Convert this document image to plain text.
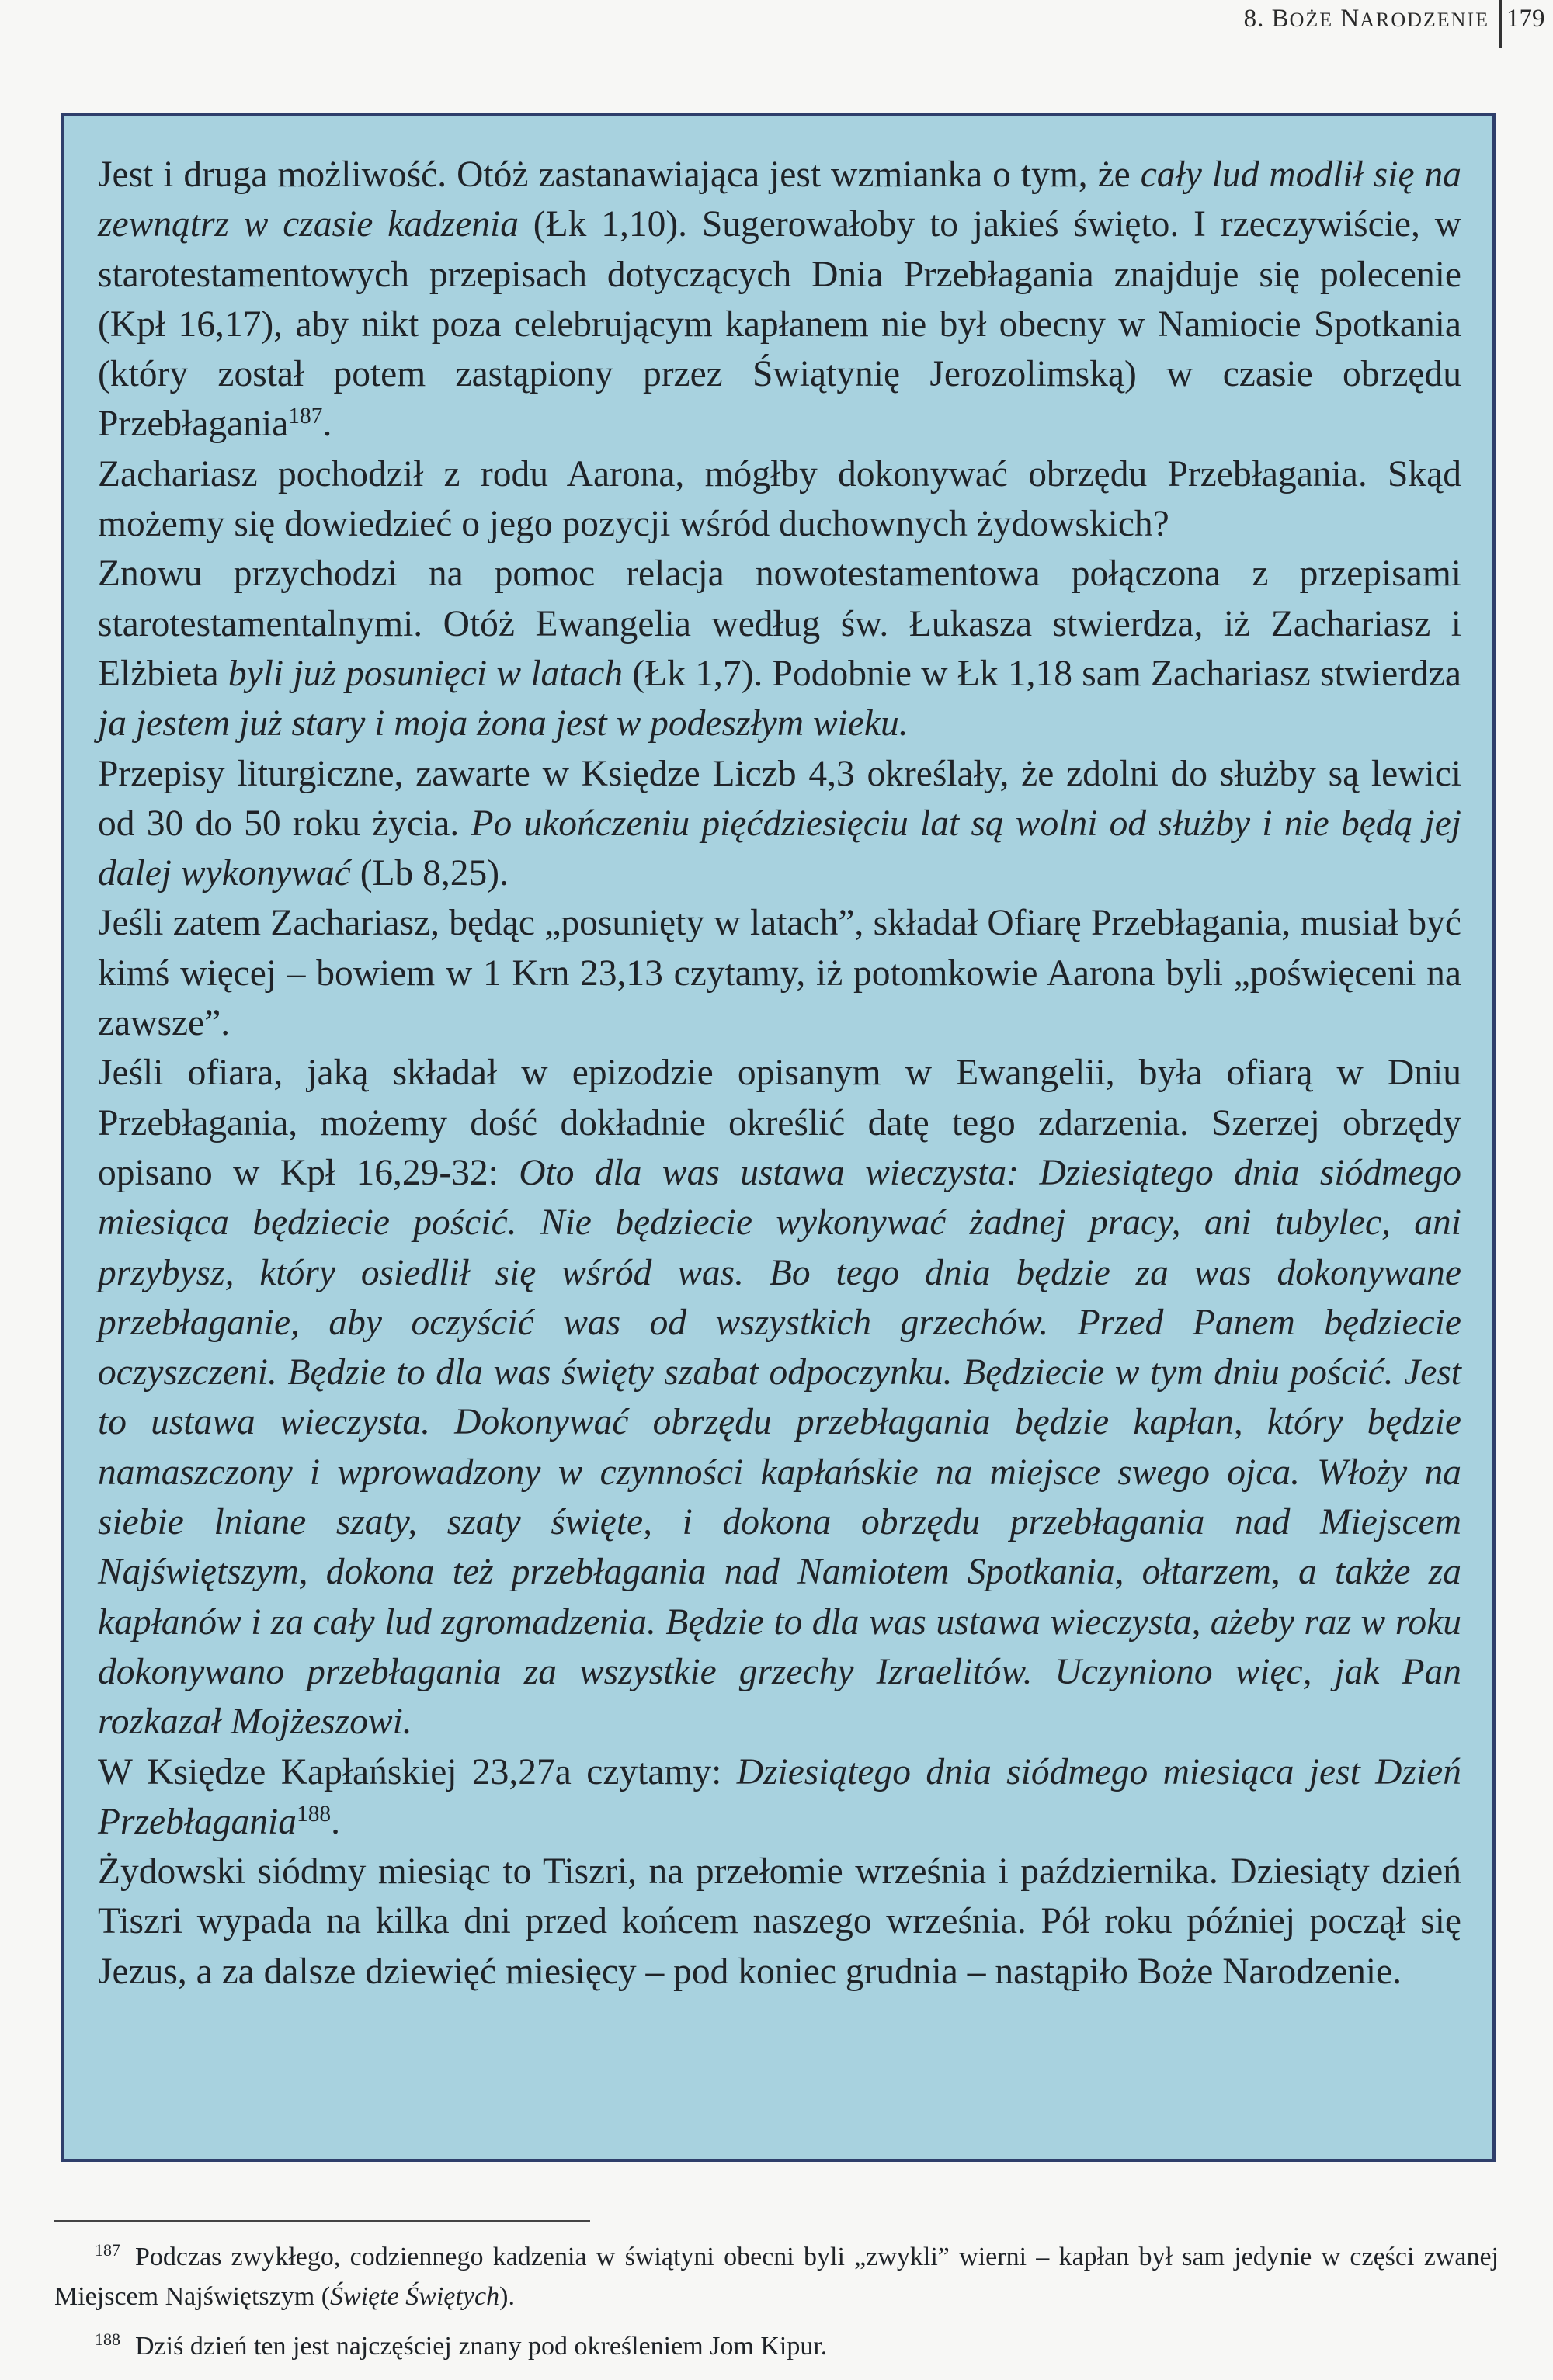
8. BOŻE NARODZENIE 179

Jest i druga możliwość. Otóż zastanawiająca jest wzmianka o tym, że cały lud modlił się na zewnątrz w czasie kadzenia (Łk 1,10). Sugerowałoby to jakieś święto. I rzeczywiście, w starotestamentowych przepisach dotyczących Dnia Przebłagania znajduje się polecenie (Kpł 16,17), aby nikt poza celebrującym kapłanem nie był obecny w Namiocie Spotkania (który został potem zastąpiony przez Świątynię Jerozolimską) w czasie obrzędu Przebłagania$^{187}$.

Zachariasz pochodził z rodu Aarona, mógłby dokonywać obrzędu Przebłagania. Skąd możemy się dowiedzieć o jego pozycji wśród duchownych żydowskich?

Znowu przychodzi na pomoc relacja nowotestamentowa połączona z przepisami starotestamentalnymi. Otóż Ewangelia według św. Łukasza stwierdza, iż Zachariasz i Elżbieta byli już posunięci w latach (Łk 1,7). Podobnie w Łk 1,18 sam Zachariasz stwierdza ja jestem już stary i moja żona jest w podeszłym wieku.

Przepisy liturgiczne, zawarte w Księdze Liczb 4,3 określały, że zdolni do służby są lewici od 30 do 50 roku życia. Po ukończeniu pięćdziesięciu lat są wolni od służby i nie będą jej dalej wykonywać (Lb 8,25).

Jeśli zatem Zachariasz, będąc „posunięty w latach”, składał Ofiarę Przebłagania, musiał być kimś więcej – bowiem w 1 Krn 23,13 czytamy, iż potomkowie Aarona byli „poświęceni na zawsze”.

Jeśli ofiara, jaką składał w epizodzie opisanym w Ewangelii, była ofiarą w Dniu Przebłagania, możemy dość dokładnie określić datę tego zdarzenia. Szerzej obrzędy opisano w Kpł 16,29-32: Oto dla was ustawa wieczysta: Dziesiątego dnia siódmego miesiąca będziecie pościć. Nie będziecie wykonywać żadnej pracy, ani tubylec, ani przybysz, który osiedlił się wśród was. Bo tego dnia będzie za was dokonywane przebłaganie, aby oczyścić was od wszystkich grzechów. Przed Panem będziecie oczyszczeni. Będzie to dla was święty szabat odpoczynku. Będziecie w tym dniu pościć. Jest to ustawa wieczysta. Dokonywać obrzędu przebłagania będzie kapłan, który będzie namaszczony i wprowadzony w czynności kapłańskie na miejsce swego ojca. Włoży na siebie lniane szaty, szaty święte, i dokona obrzędu przebłagania nad Miejscem Najświętszym, dokona też przebłagania nad Namiotem Spotkania, ołtarzem, a także za kapłanów i za cały lud zgromadzenia. Będzie to dla was ustawa wieczysta, ażeby raz w roku dokonywano przebłagania za wszystkie grzechy Izraelitów. Uczyniono więc, jak Pan rozkazał Mojżeszowi.

W Księdze Kapłańskiej 23,27a czytamy: Dziesiątego dnia siódmego miesiąca jest Dzień Przebłagania$^{188}$.

Żydowski siódmy miesiąc to Tiszri, na przełomie września i października. Dziesiąty dzień Tiszri wypada na kilka dni przed końcem naszego września. Pół roku później począł się Jezus, a za dalsze dziewięć miesięcy – pod koniec grudnia – nastąpiło Boże Narodzenie.

187 Podczas zwykłego, codziennego kadzenia w świątyni obecni byli „zwykli” wierni – kapłan był sam jedynie w części zwanej Miejscem Najświętszym (Święte Świętych).

188 Dziś dzień ten jest najczęściej znany pod określeniem Jom Kipur.
